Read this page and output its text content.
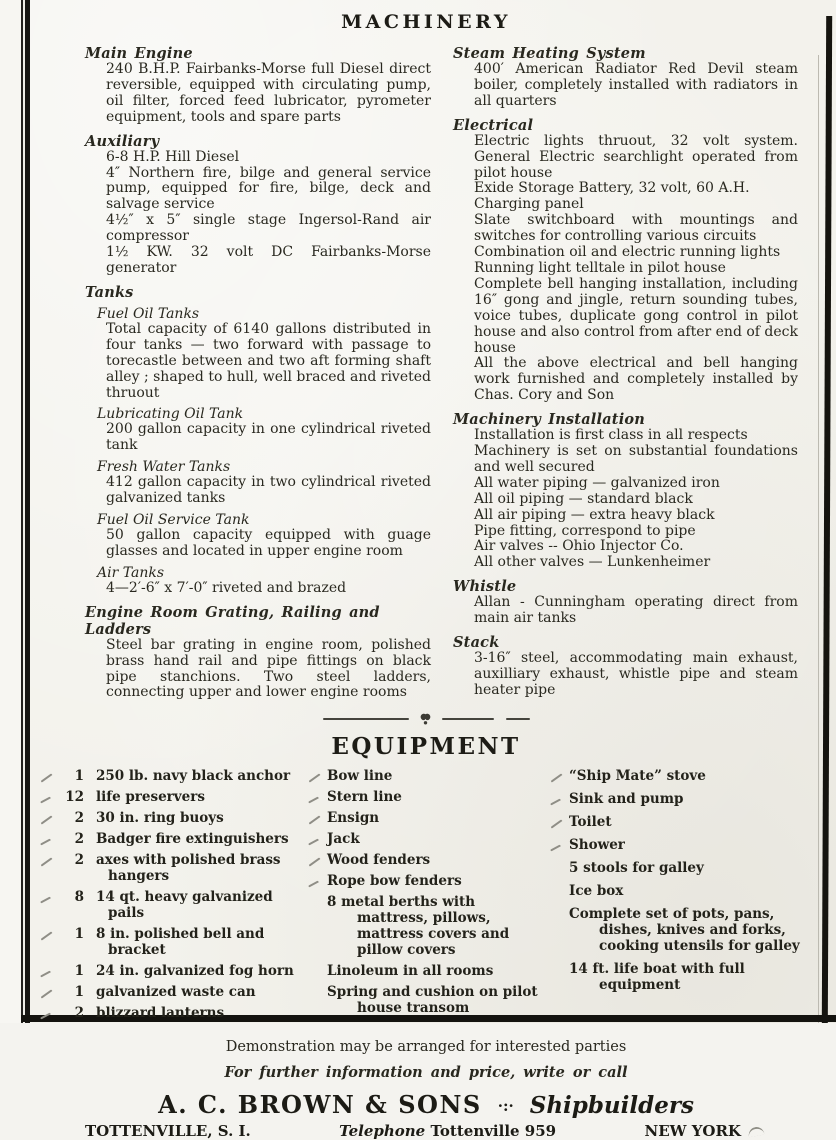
MACHINERY
Main Engine

240 B.H.P. Fairbanks-Morse full Diesel direct reversible, equipped with circulating pump, oil filter, forced feed lubricator, pyrometer equipment, tools and spare parts

Auxiliary

6-8 H.P. Hill Diesel

4″ Northern fire, bilge and general service pump, equipped for fire, bilge, deck and salvage service

4½″ x 5″ single stage Ingersol-Rand air compressor

1½ KW. 32 volt DC Fairbanks-Morse generator

Tanks
Fuel Oil Tanks

Total capacity of 6140 gallons distributed in four tanks — two forward with passage to torecastle between and two aft forming shaft alley ; shaped to hull, well braced and riveted thruout

Lubricating Oil Tank

200 gallon capacity in one cylindrical riveted tank

Fresh Water Tanks

412 gallon capacity in two cylindrical riveted galvanized tanks

Fuel Oil Service Tank

50 gallon capacity equipped with guage glasses and located in upper engine room

Air Tanks

4—2′-6″ x 7′-0″ riveted and brazed

Engine Room Grating, Railing and Ladders

Steel bar grating in engine room, polished brass hand rail and pipe fittings on black pipe stanchions. Two steel ladders, connecting upper and lower engine rooms

Steam Heating System

400′ American Radiator Red Devil steam boiler, completely installed with radiators in all quarters

Electrical

Electric lights thruout, 32 volt system. General Electric searchlight operated from pilot house

Exide Storage Battery, 32 volt, 60 A.H.

Charging panel

Slate switchboard with mountings and switches for controlling various circuits

Combination oil and electric running lights

Running light telltale in pilot house

Complete bell hanging installation, including 16″ gong and jingle, return sounding tubes, voice tubes, duplicate gong control in pilot house and also control from after end of deck house

All the above electrical and bell hanging work furnished and completely installed by Chas. Cory and Son

Machinery Installation

Installation is first class in all respects

Machinery is set on substantial foundations and well secured

All water piping — galvanized iron

All oil piping — standard black

All air piping — extra heavy black

Pipe fitting, correspond to pipe

Air valves -- Ohio Injector Co.

All other valves — Lunkenheimer

Whistle

Allan - Cunningham operating direct from main air tanks

Stack

3-16″ steel, accommodating main exhaust, auxilliary exhaust, whistle pipe and steam heater pipe

EQUIPMENT
1 250 lb. navy black anchor
12 life preservers
2 30 in. ring buoys
2 Badger fire extinguishers
2 axes with polished brass hangers
8 14 qt. heavy galvanized pails
1 8 in. polished bell and bracket
1 24 in. galvanized fog horn
1 galvanized waste can
2 blizzard lanterns
Bow line
Stern line
Ensign
Jack
Wood fenders
Rope bow fenders
8 metal berths with mattress, pillows, mattress covers and pillow covers
Linoleum in all rooms
Spring and cushion on pilot house transom
“Ship Mate” stove
Sink and pump
Toilet
Shower
5 stools for galley
Ice box
Complete set of pots, pans, dishes, knives and forks, cooking utensils for galley
14 ft. life boat with full equipment
Demonstration may be arranged for interested parties
For further information and price, write or call
A. C. BROWN & SONS ·:· Shipbuilders
TOTTENVILLE, S. I.	Telephone Tottenville 959	NEW YORK
